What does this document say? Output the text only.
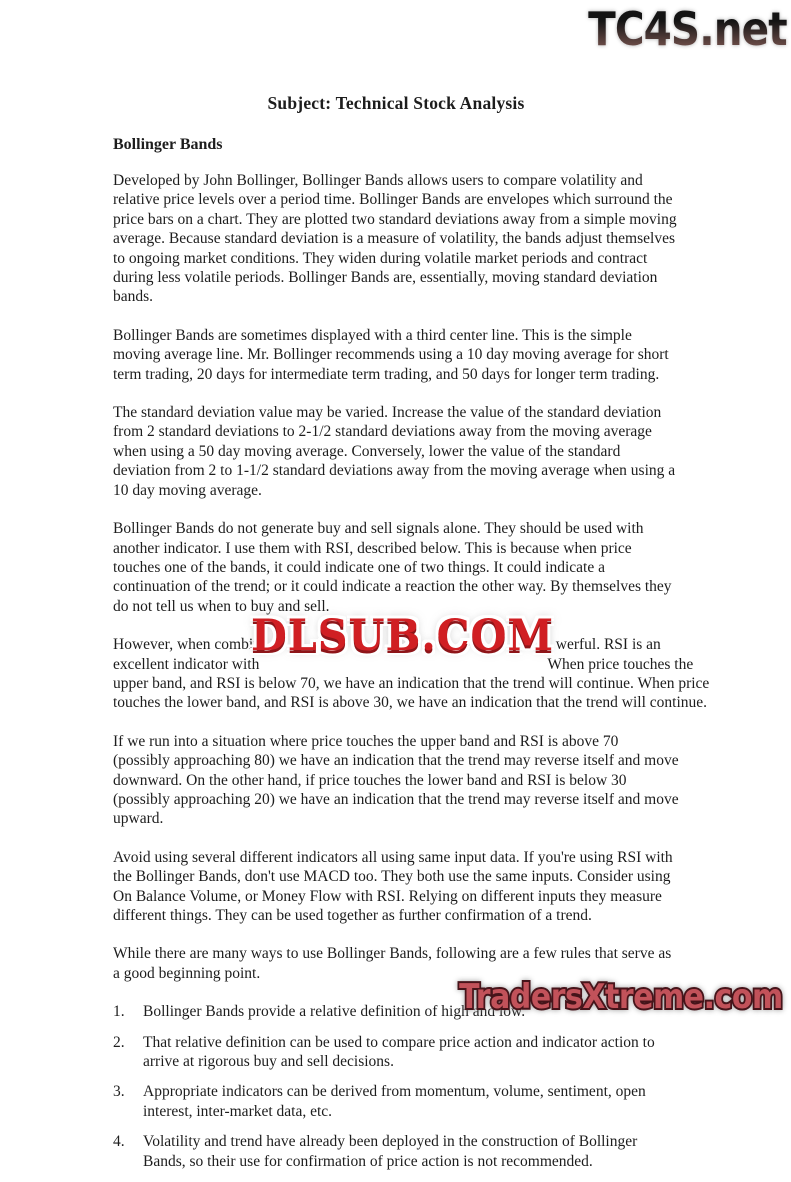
TC4S.net
Subject: Technical Stock Analysis
Bollinger Bands

Developed by John Bollinger, Bollinger Bands allows users to compare volatility and relative price levels over a period time. Bollinger Bands are envelopes which surround the price bars on a chart. They are plotted two standard deviations away from a simple moving average. Because standard deviation is a measure of volatility, the bands adjust themselves to ongoing market conditions. They widen during volatile market periods and contract during less volatile periods. Bollinger Bands are, essentially, moving standard deviation bands.

Bollinger Bands are sometimes displayed with a third center line. This is the simple moving average line. Mr. Bollinger recommends using a 10 day moving average for short term trading, 20 days for intermediate term trading, and 50 days for longer term trading.

The standard deviation value may be varied. Increase the value of the standard deviation from 2 standard deviations to 2-1/2 standard deviations away from the moving average when using a 50 day moving average. Conversely, lower the value of the standard deviation from 2 to 1-1/2 standard deviations away from the moving average when using a 10 day moving average.

Bollinger Bands do not generate buy and sell signals alone. They should be used with another indicator. I use them with RSI, described below. This is because when price touches one of the bands, it could indicate one of two things. It could indicate a continuation of the trend; or it could indicate a reaction the other way. By themselves they do not tell us when to buy and sell.

However, when combine	werful. RSI is an
excellent indicator with	When price touches the
upper band, and RSI is below 70, we have an indication that the trend will continue. When price
touches the lower band, and RSI is above 30, we have an indication that the trend will continue.
DLSUB.COM

If we run into a situation where price touches the upper band and RSI is above 70 (possibly approaching 80) we have an indication that the trend may reverse itself and move downward. On the other hand, if price touches the lower band and RSI is below 30 (possibly approaching 20) we have an indication that the trend may reverse itself and move upward.

Avoid using several different indicators all using same input data. If you're using RSI with the Bollinger Bands, don't use MACD too. They both use the same inputs. Consider using On Balance Volume, or Money Flow with RSI. Relying on different inputs they measure different things. They can be used together as further confirmation of a trend.

While there are many ways to use Bollinger Bands, following are a few rules that serve as a good beginning point.

1.	Bollinger Bands provide a relative definition of high and low.
2.	That relative definition can be used to compare price action and indicator action to arrive at rigorous buy and sell decisions.
3.	Appropriate indicators can be derived from momentum, volume, sentiment, open interest, inter-market data, etc.
4.	Volatility and trend have already been deployed in the construction of Bollinger Bands, so their use for confirmation of price action is not recommended.
TradersXtreme.com
